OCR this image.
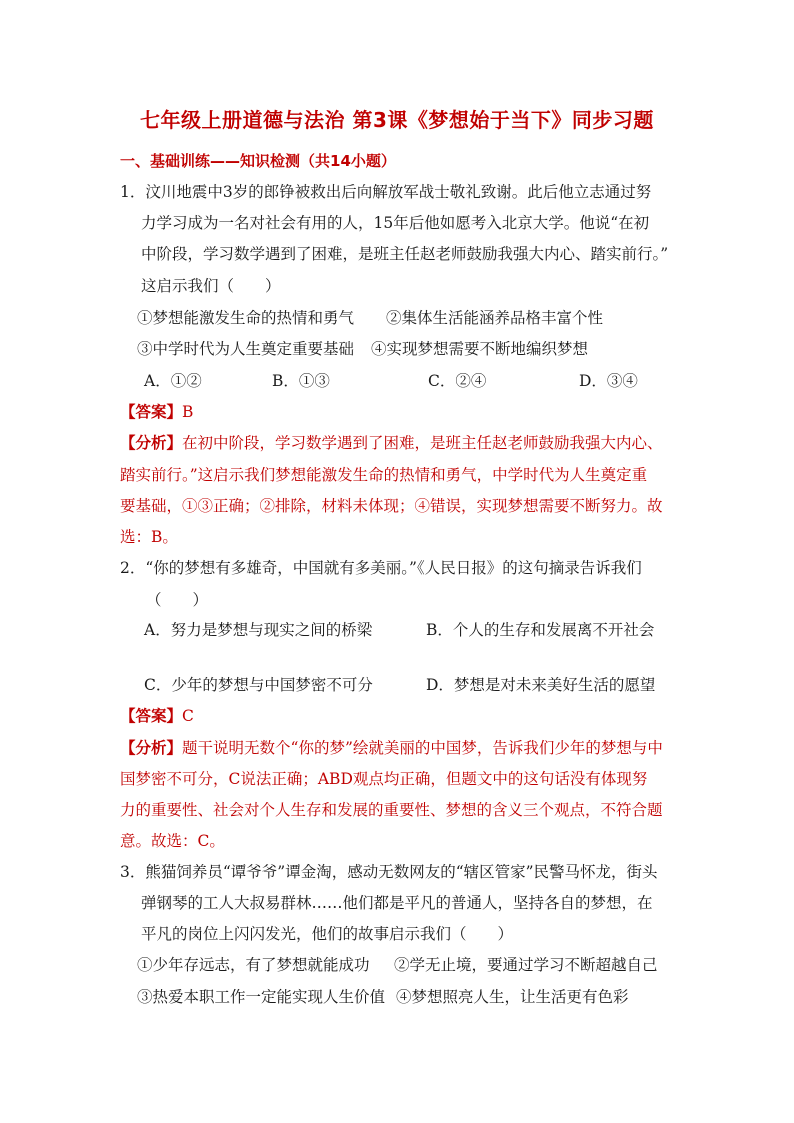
七年级上册道德与法治 第3课《梦想始于当下》同步习题
一、基础训练——知识检测（共14小题）
1．汶川地震中3岁的郎铮被救出后向解放军战士敬礼致谢。此后他立志通过努
力学习成为一名对社会有用的人，15年后他如愿考入北京大学。他说“在初
中阶段，学习数学遇到了困难，是班主任赵老师鼓励我强大内心、踏实前行。”
这启示我们（　　）
①梦想能激发生命的热情和勇气 ②集体生活能涵养品格丰富个性
③中学时代为人生奠定重要基础 ④实现梦想需要不断地编织梦想
A．①②	B．①③	C．②④	D．③④
【答案】B
【分析】在初中阶段，学习数学遇到了困难，是班主任赵老师鼓励我强大内心、
踏实前行。”这启示我们梦想能激发生命的热情和勇气，中学时代为人生奠定重
要基础，①③正确；②排除，材料未体现；④错误，实现梦想需要不断努力。故
选：B。
2．“你的梦想有多雄奇，中国就有多美丽。”《人民日报》的这句摘录告诉我们
（　　）
A．努力是梦想与现实之间的桥梁	B．个人的生存和发展离不开社会
C．少年的梦想与中国梦密不可分	D．梦想是对未来美好生活的愿望
【答案】C
【分析】题干说明无数个“你的梦”绘就美丽的中国梦，告诉我们少年的梦想与中
国梦密不可分，C说法正确；ABD观点均正确，但题文中的这句话没有体现努
力的重要性、社会对个人生存和发展的重要性、梦想的含义三个观点，不符合题
意。故选：C。
3．熊猫饲养员“谭爷爷”谭金淘，感动无数网友的“辖区管家”民警马怀龙，街头
弹钢琴的工人大叔易群林……他们都是平凡的普通人，坚持各自的梦想，在
平凡的岗位上闪闪发光，他们的故事启示我们（　　）
①少年存远志，有了梦想就能成功 ②学无止境，要通过学习不断超越自己
③热爱本职工作一定能实现人生价值 ④梦想照亮人生，让生活更有色彩
